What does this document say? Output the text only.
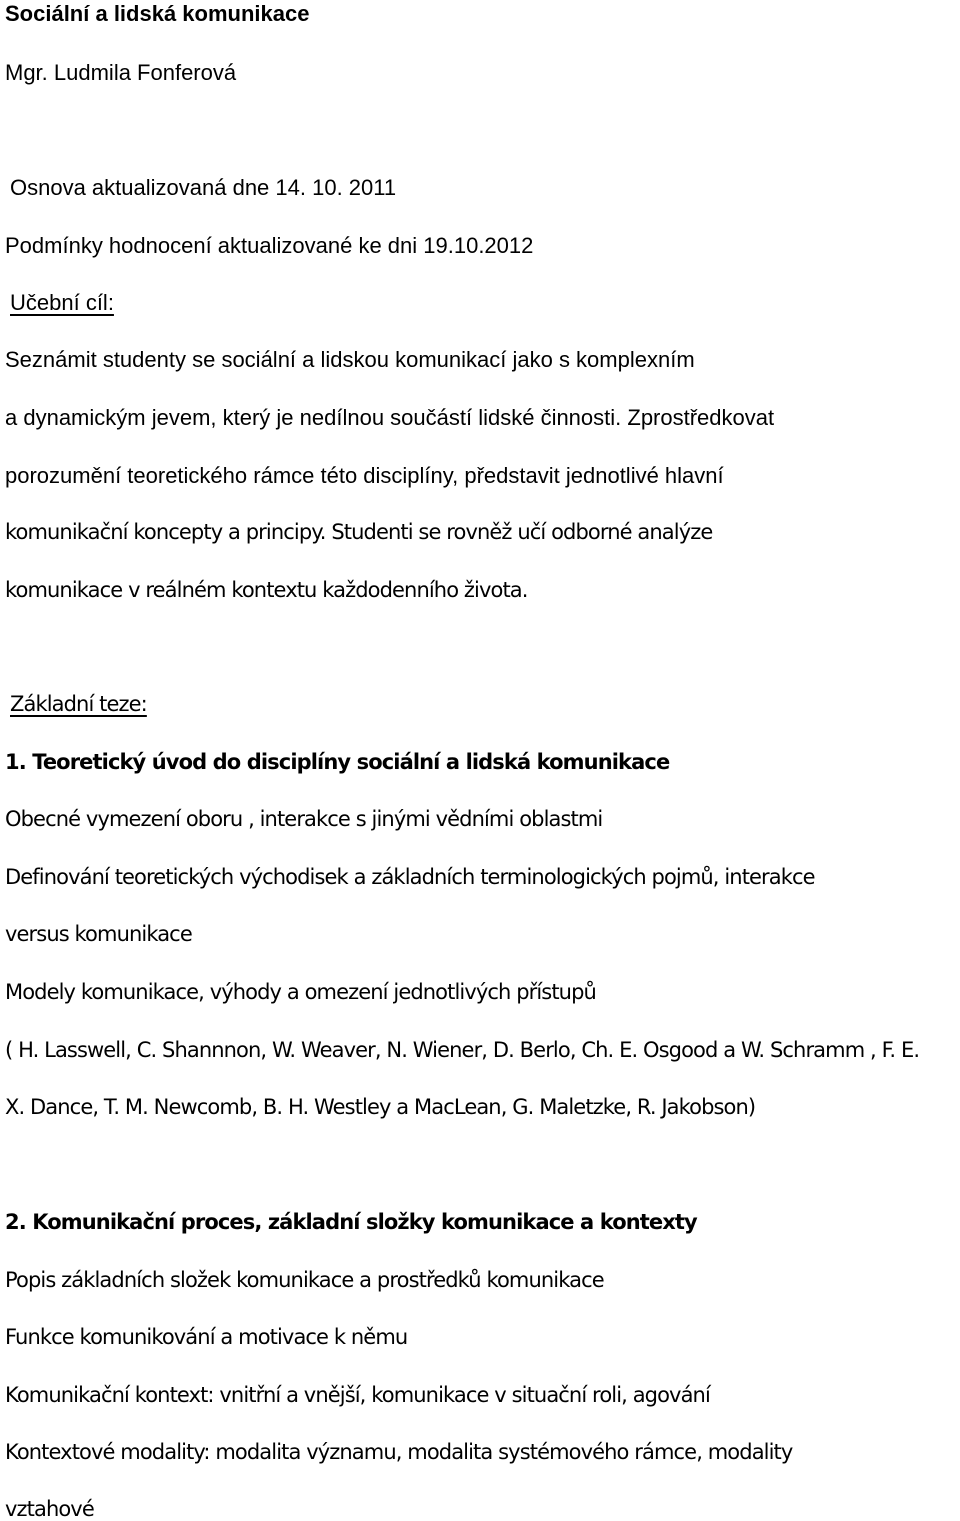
Sociální a lidská komunikace
Mgr. Ludmila Fonferová
Osnova aktualizovaná dne 14. 10. 2011
Podmínky hodnocení aktualizované ke dni 19.10.2012
Učební cíl:
Seznámit studenty se sociální a lidskou komunikací jako s komplexním
a dynamickým jevem, který je nedílnou součástí lidské činnosti. Zprostředkovat
porozumění teoretického rámce této disciplíny, představit jednotlivé hlavní
komunikační koncepty a principy. Studenti se rovněž učí odborné analýze
komunikace v reálném kontextu každodenního života.
Základní teze:
1. Teoretický úvod do disciplíny sociální a lidská komunikace
Obecné vymezení oboru , interakce s jinými vědními oblastmi
Definování teoretických východisek a základních terminologických pojmů, interakce
versus komunikace
Modely komunikace, výhody a omezení jednotlivých přístupů
( H. Lasswell, C. Shannnon, W. Weaver, N. Wiener, D. Berlo, Ch. E. Osgood a W. Schramm , F. E.
X. Dance, T. M. Newcomb, B. H. Westley a MacLean, G. Maletzke, R. Jakobson)
2. Komunikační proces, základní složky komunikace a kontexty
Popis základních složek komunikace a prostředků komunikace
Funkce komunikování a motivace k němu
Komunikační kontext: vnitřní a vnější, komunikace v situační roli, agování
Kontextové modality: modalita významu, modalita systémového rámce, modality
vztahové
